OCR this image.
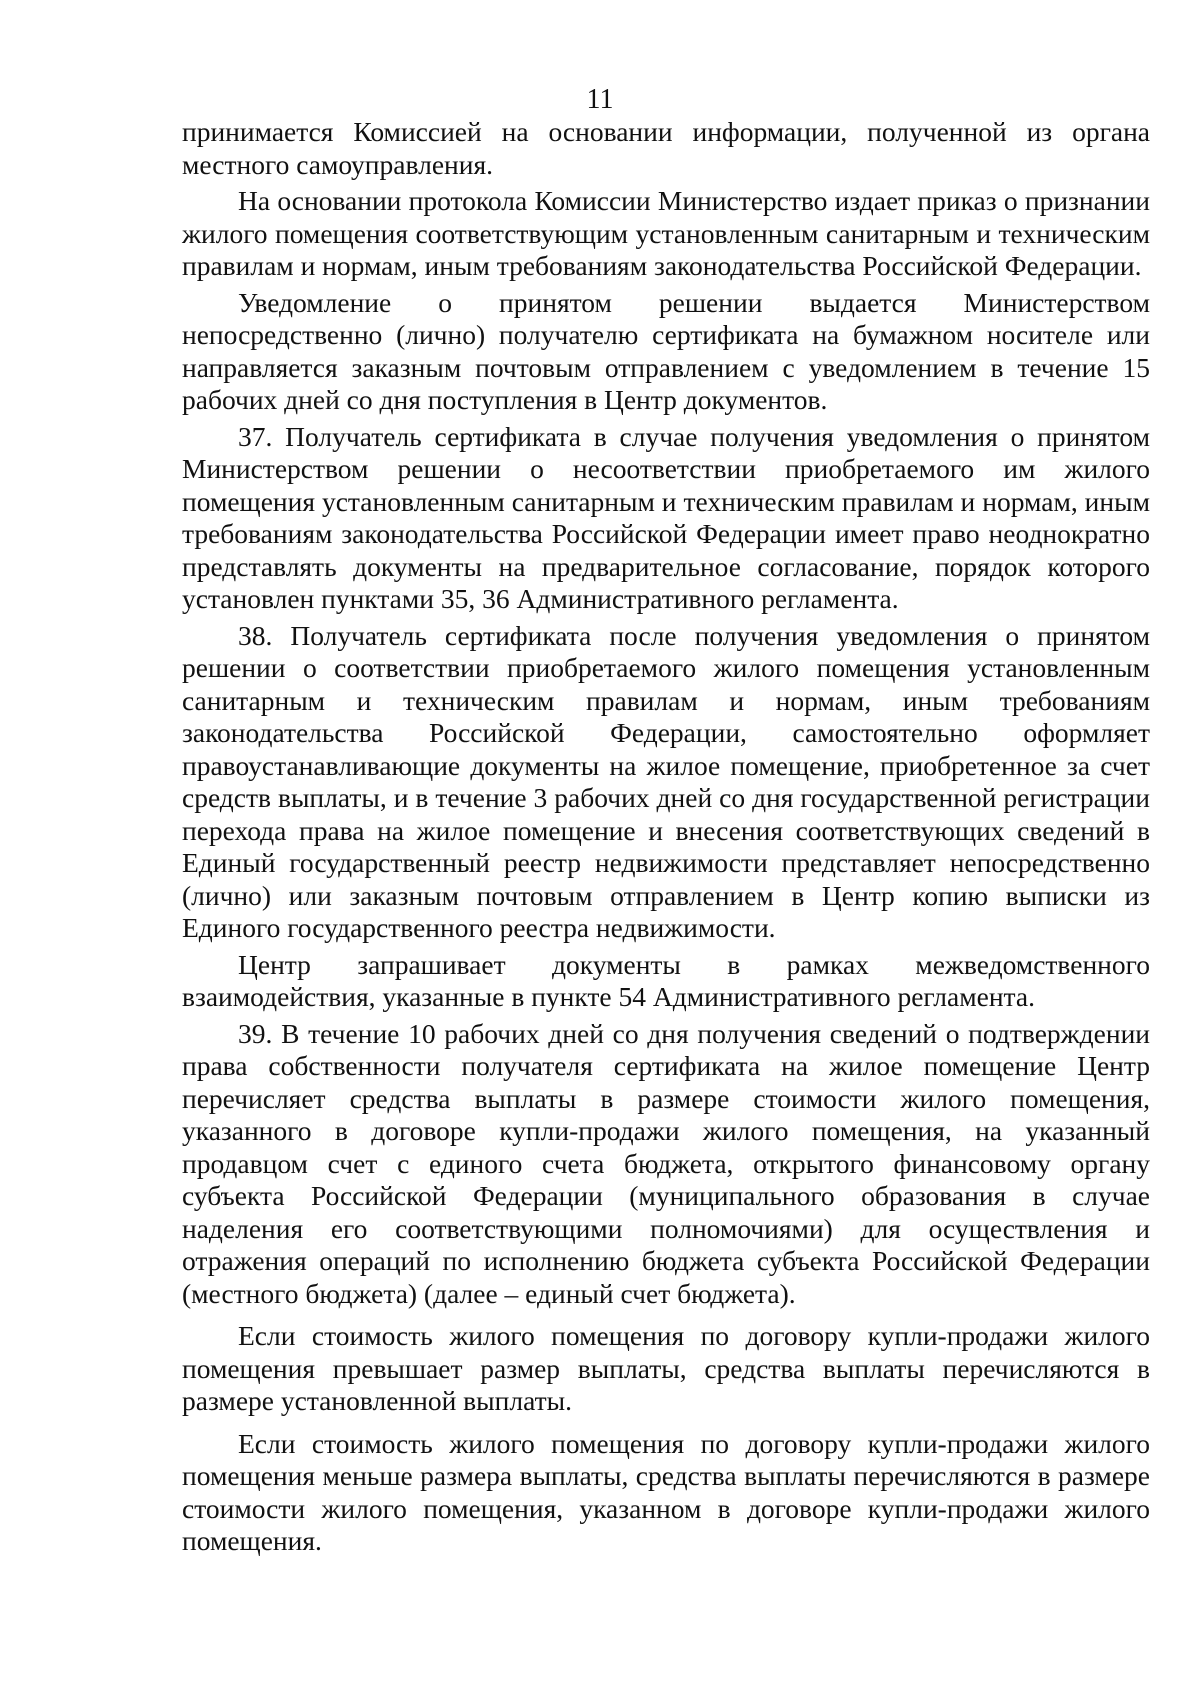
11

принимается Комиссией на основании информации, полученной из органа местного самоуправления.

На основании протокола Комиссии Министерство издает приказ о признании жилого помещения соответствующим установленным санитарным и техническим правилам и нормам, иным требованиям законодательства Российской Федерации.

Уведомление о принятом решении выдается Министерством непосредственно (лично) получателю сертификата на бумажном носителе или направляется заказным почтовым отправлением с уведомлением в течение 15 рабочих дней со дня поступления в Центр документов.

37. Получатель сертификата в случае получения уведомления о принятом Министерством решении о несоответствии приобретаемого им жилого помещения установленным санитарным и техническим правилам и нормам, иным требованиям законодательства Российской Федерации имеет право неоднократно представлять документы на предварительное согласование, порядок которого установлен пунктами 35, 36 Административного регламента.

38. Получатель сертификата после получения уведомления о принятом решении о соответствии приобретаемого жилого помещения установленным санитарным и техническим правилам и нормам, иным требованиям законодательства Российской Федерации, самостоятельно оформляет правоустанавливающие документы на жилое помещение, приобретенное за счет средств выплаты, и в течение 3 рабочих дней со дня государственной регистрации перехода права на жилое помещение и внесения соответствующих сведений в Единый государственный реестр недвижимости представляет непосредственно (лично) или заказным почтовым отправлением в Центр копию выписки из Единого государственного реестра недвижимости.

Центр запрашивает документы в рамках межведомственного взаимодействия, указанные в пункте 54 Административного регламента.

39. В течение 10 рабочих дней со дня получения сведений о подтверждении права собственности получателя сертификата на жилое помещение Центр перечисляет средства выплаты в размере стоимости жилого помещения, указанного в договоре купли-продажи жилого помещения, на указанный продавцом счет с единого счета бюджета, открытого финансовому органу субъекта Российской Федерации (муниципального образования в случае наделения его соответствующими полномочиями) для осуществления и отражения операций по исполнению бюджета субъекта Российской Федерации (местного бюджета) (далее – единый счет бюджета).

Если стоимость жилого помещения по договору купли-продажи жилого помещения превышает размер выплаты, средства выплаты перечисляются в размере установленной выплаты.

Если стоимость жилого помещения по договору купли-продажи жилого помещения меньше размера выплаты, средства выплаты перечисляются в размере стоимости жилого помещения, указанном в договоре купли-продажи жилого помещения.
